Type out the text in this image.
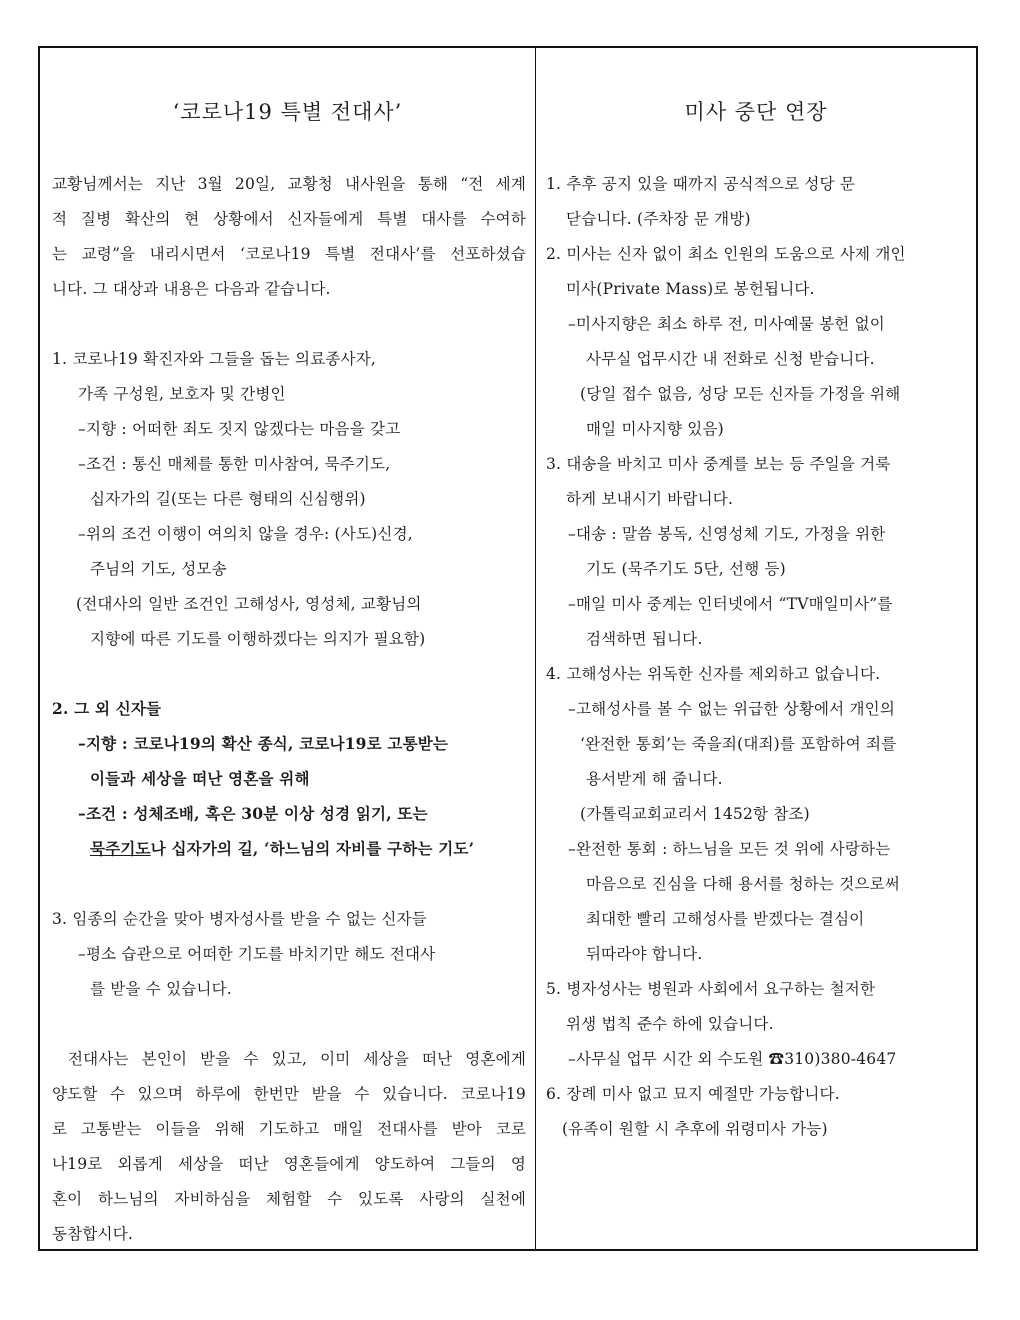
‘코로나19 특별 전대사’
교황님께서는 지난 3월 20일, 교황청 내사원을 통해 “전 세계
적 질병 확산의 현 상황에서 신자들에게 특별 대사를 수여하
는 교령”을 내리시면서 ‘코로나19 특별 전대사’를 선포하셨습
니다. 그 대상과 내용은 다음과 같습니다.
1. 코로나19 확진자와 그들을 돕는 의료종사자,
가족 구성원, 보호자 및 간병인
–지향 : 어떠한 죄도 짓지 않겠다는 마음을 갖고
–조건 : 통신 매체를 통한 미사참여, 묵주기도,
십자가의 길(또는 다른 형태의 신심행위)
–위의 조건 이행이 여의치 않을 경우: (사도)신경,
주님의 기도, 성모송
(전대사의 일반 조건인 고해성사, 영성체, 교황님의
지향에 따른 기도를 이행하겠다는 의지가 필요함)
2. 그 외 신자들
–지향 : 코로나19의 확산 종식, 코로나19로 고통받는
이들과 세상을 떠난 영혼을 위해
–조건 : 성체조배, 혹은 30분 이상 성경 읽기, 또는
묵주기도나 십자가의 길, ‘하느님의 자비를 구하는 기도’
3. 임종의 순간을 맞아 병자성사를 받을 수 없는 신자들
–평소 습관으로 어떠한 기도를 바치기만 해도 전대사
를 받을 수 있습니다.
전대사는 본인이 받을 수 있고, 이미 세상을 떠난 영혼에게
양도할 수 있으며 하루에 한번만 받을 수 있습니다. 코로나19
로 고통받는 이들을 위해 기도하고 매일 전대사를 받아 코로
나19로 외롭게 세상을 떠난 영혼들에게 양도하여 그들의 영
혼이 하느님의 자비하심을 체험할 수 있도록 사랑의 실천에
동참합시다.
미사 중단 연장
1. 추후 공지 있을 때까지 공식적으로 성당 문
닫습니다. (주차장 문 개방)
2. 미사는 신자 없이 최소 인원의 도움으로 사제 개인
미사(Private Mass)로 봉헌됩니다.
–미사지향은 최소 하루 전, 미사예물 봉헌 없이
사무실 업무시간 내 전화로 신청 받습니다.
(당일 접수 없음, 성당 모든 신자들 가정을 위해
매일 미사지향 있음)
3. 대송을 바치고 미사 중계를 보는 등 주일을 거룩
하게 보내시기 바랍니다.
–대송 : 말씀 봉독, 신영성체 기도, 가정을 위한
기도 (묵주기도 5단, 선행 등)
–매일 미사 중계는 인터넷에서 “TV매일미사”를
검색하면 됩니다.
4. 고해성사는 위독한 신자를 제외하고 없습니다.
–고해성사를 볼 수 없는 위급한 상황에서 개인의
‘완전한 통회’는 죽을죄(대죄)를 포함하여 죄를
용서받게 해 줍니다.
(가톨릭교회교리서 1452항 참조)
–완전한 통회 : 하느님을 모든 것 위에 사랑하는
마음으로 진심을 다해 용서를 청하는 것으로써
최대한 빨리 고해성사를 받겠다는 결심이
뒤따라야 합니다.
5. 병자성사는 병원과 사회에서 요구하는 철저한
위생 법칙 준수 하에 있습니다.
–사무실 업무 시간 외 수도원 ☎310)380-4647
6. 장례 미사 없고 묘지 예절만 가능합니다.
(유족이 원할 시 추후에 위령미사 가능)
